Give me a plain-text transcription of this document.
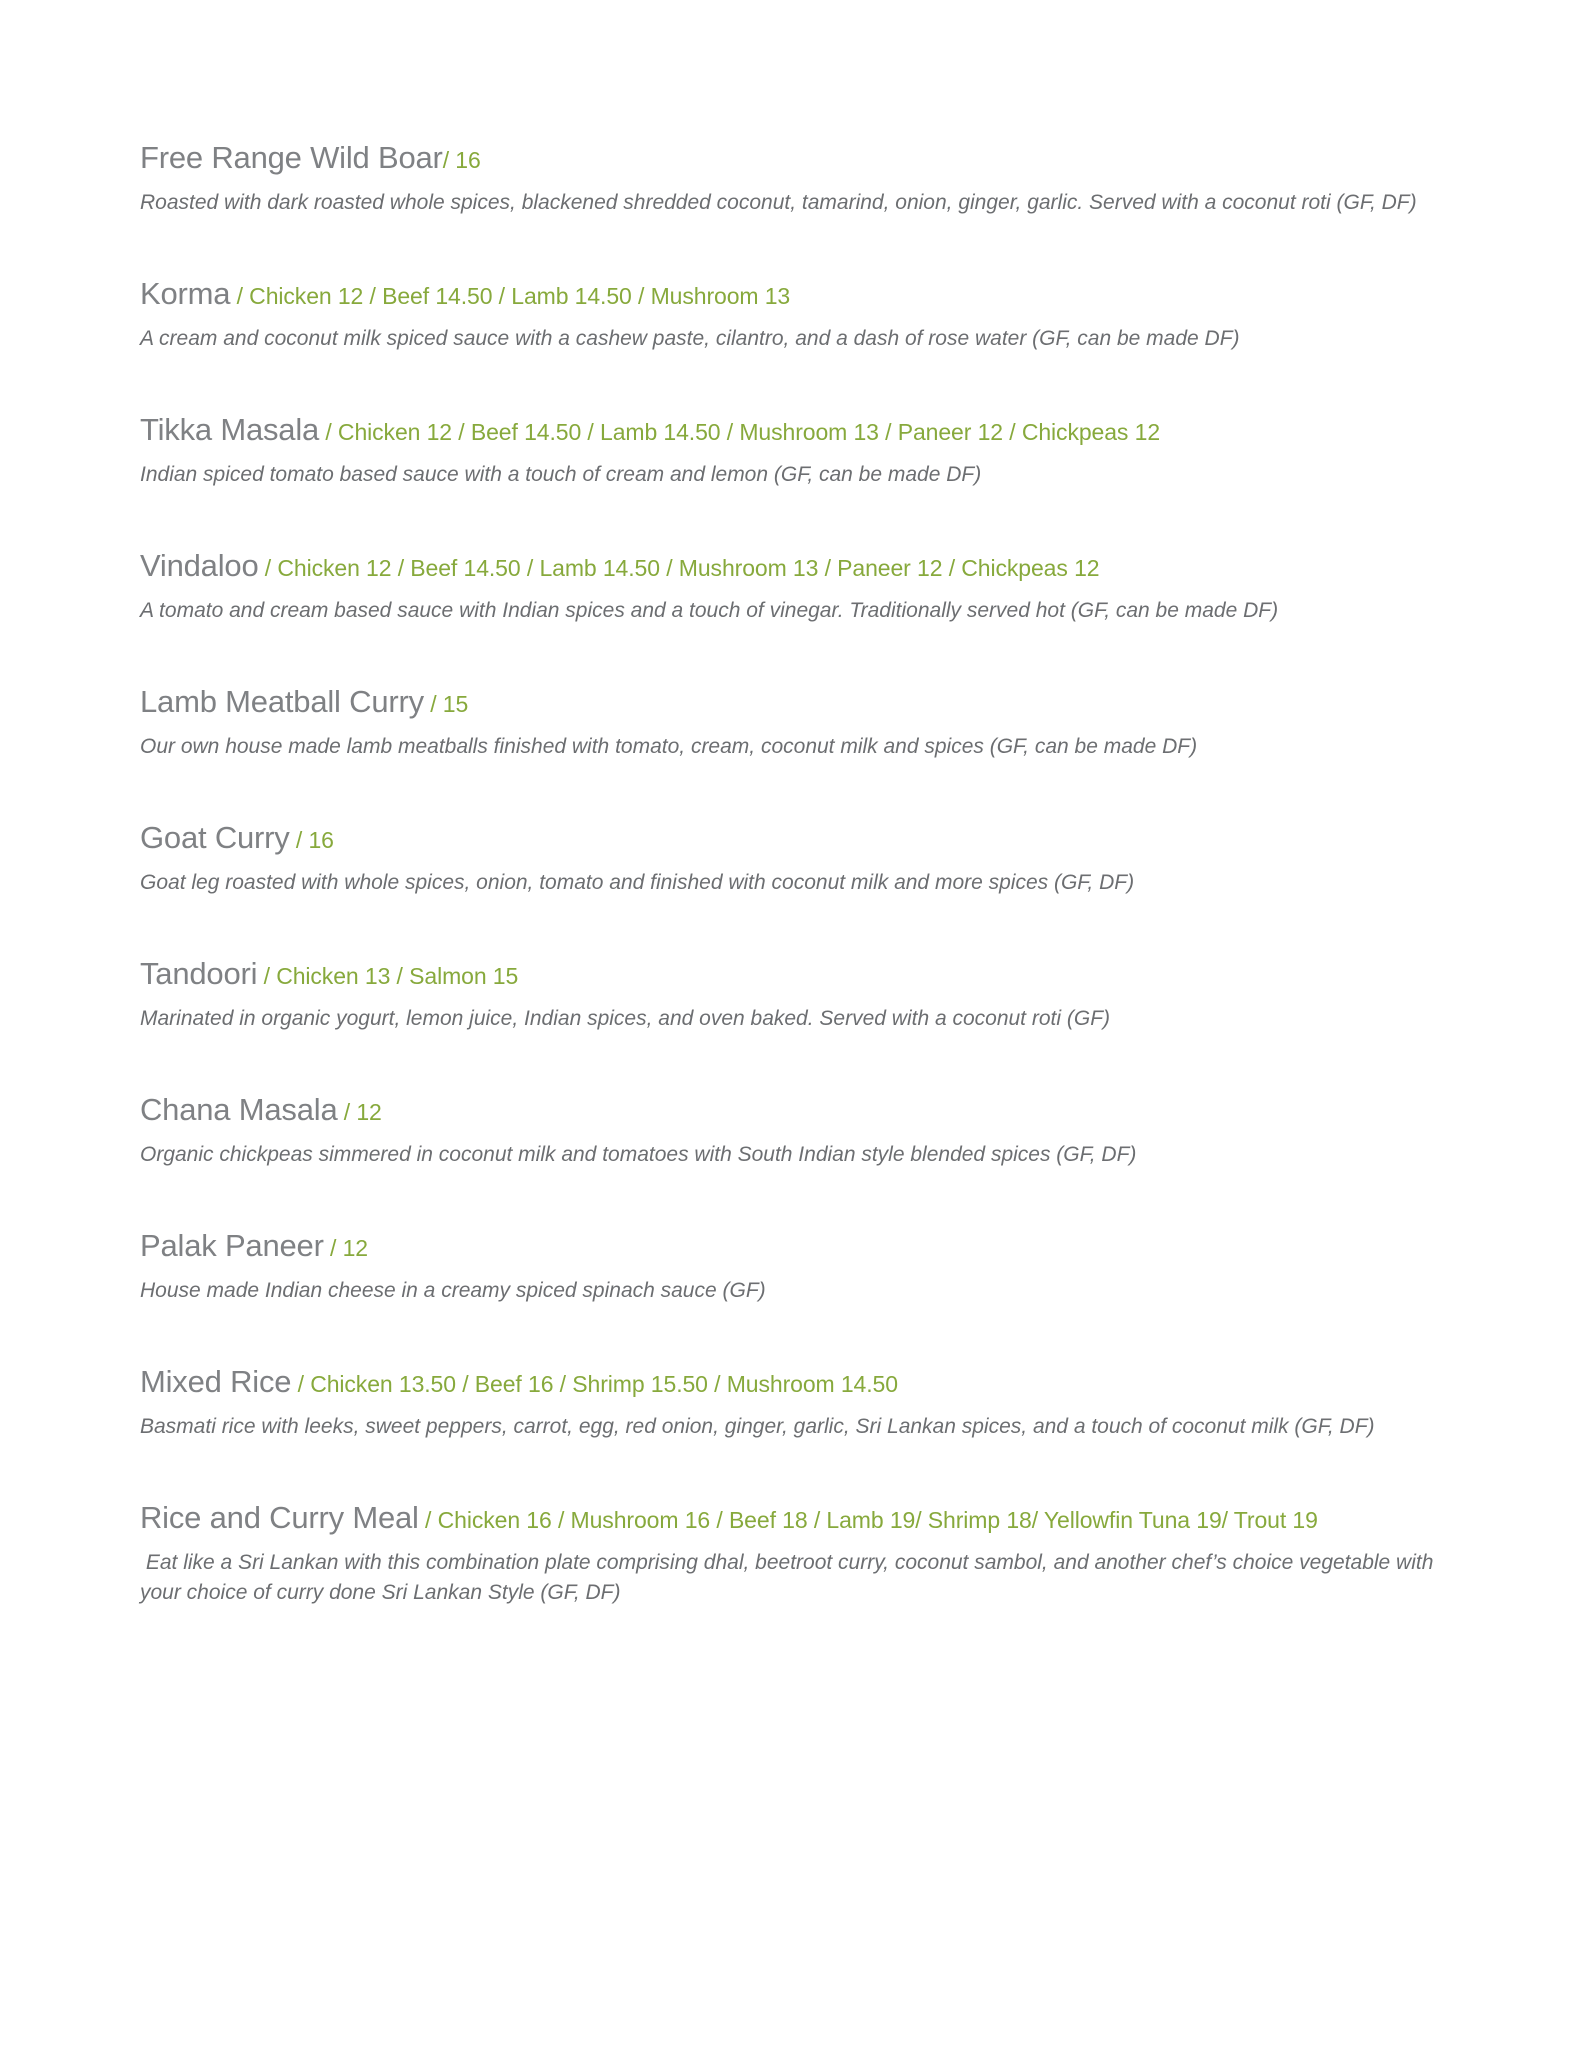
Free Range Wild Boar/ 16
Roasted with dark roasted whole spices, blackened shredded coconut, tamarind, onion, ginger, garlic. Served with a coconut roti (GF, DF)
Korma / Chicken 12 / Beef 14.50 / Lamb 14.50 / Mushroom 13
A cream and coconut milk spiced sauce with a cashew paste, cilantro, and a dash of rose water (GF, can be made DF)
Tikka Masala / Chicken 12 / Beef 14.50 / Lamb 14.50 / Mushroom 13 / Paneer 12 / Chickpeas 12
Indian spiced tomato based sauce with a touch of cream and lemon (GF, can be made DF)
Vindaloo / Chicken 12 / Beef 14.50 / Lamb 14.50 / Mushroom 13 / Paneer 12 / Chickpeas 12
A tomato and cream based sauce with Indian spices and a touch of vinegar. Traditionally served hot (GF, can be made DF)
Lamb Meatball Curry / 15
Our own house made lamb meatballs finished with tomato, cream, coconut milk and spices (GF, can be made DF)
Goat Curry / 16
Goat leg roasted with whole spices, onion, tomato and finished with coconut milk and more spices (GF, DF)
Tandoori / Chicken 13 / Salmon 15
Marinated in organic yogurt, lemon juice, Indian spices, and oven baked. Served with a coconut roti (GF)
Chana Masala / 12
Organic chickpeas simmered in coconut milk and tomatoes with South Indian style blended spices (GF, DF)
Palak Paneer / 12
House made Indian cheese in a creamy spiced spinach sauce (GF)
Mixed Rice / Chicken 13.50 / Beef 16 / Shrimp 15.50 / Mushroom 14.50
Basmati rice with leeks, sweet peppers, carrot, egg, red onion, ginger, garlic, Sri Lankan spices, and a touch of coconut milk (GF, DF)
Rice and Curry Meal / Chicken 16 / Mushroom 16 / Beef 18 / Lamb 19/ Shrimp 18/ Yellowfin Tuna 19/ Trout 19
Eat like a Sri Lankan with this combination plate comprising dhal, beetroot curry, coconut sambol, and another chef’s choice vegetable with your choice of curry done Sri Lankan Style (GF, DF)
